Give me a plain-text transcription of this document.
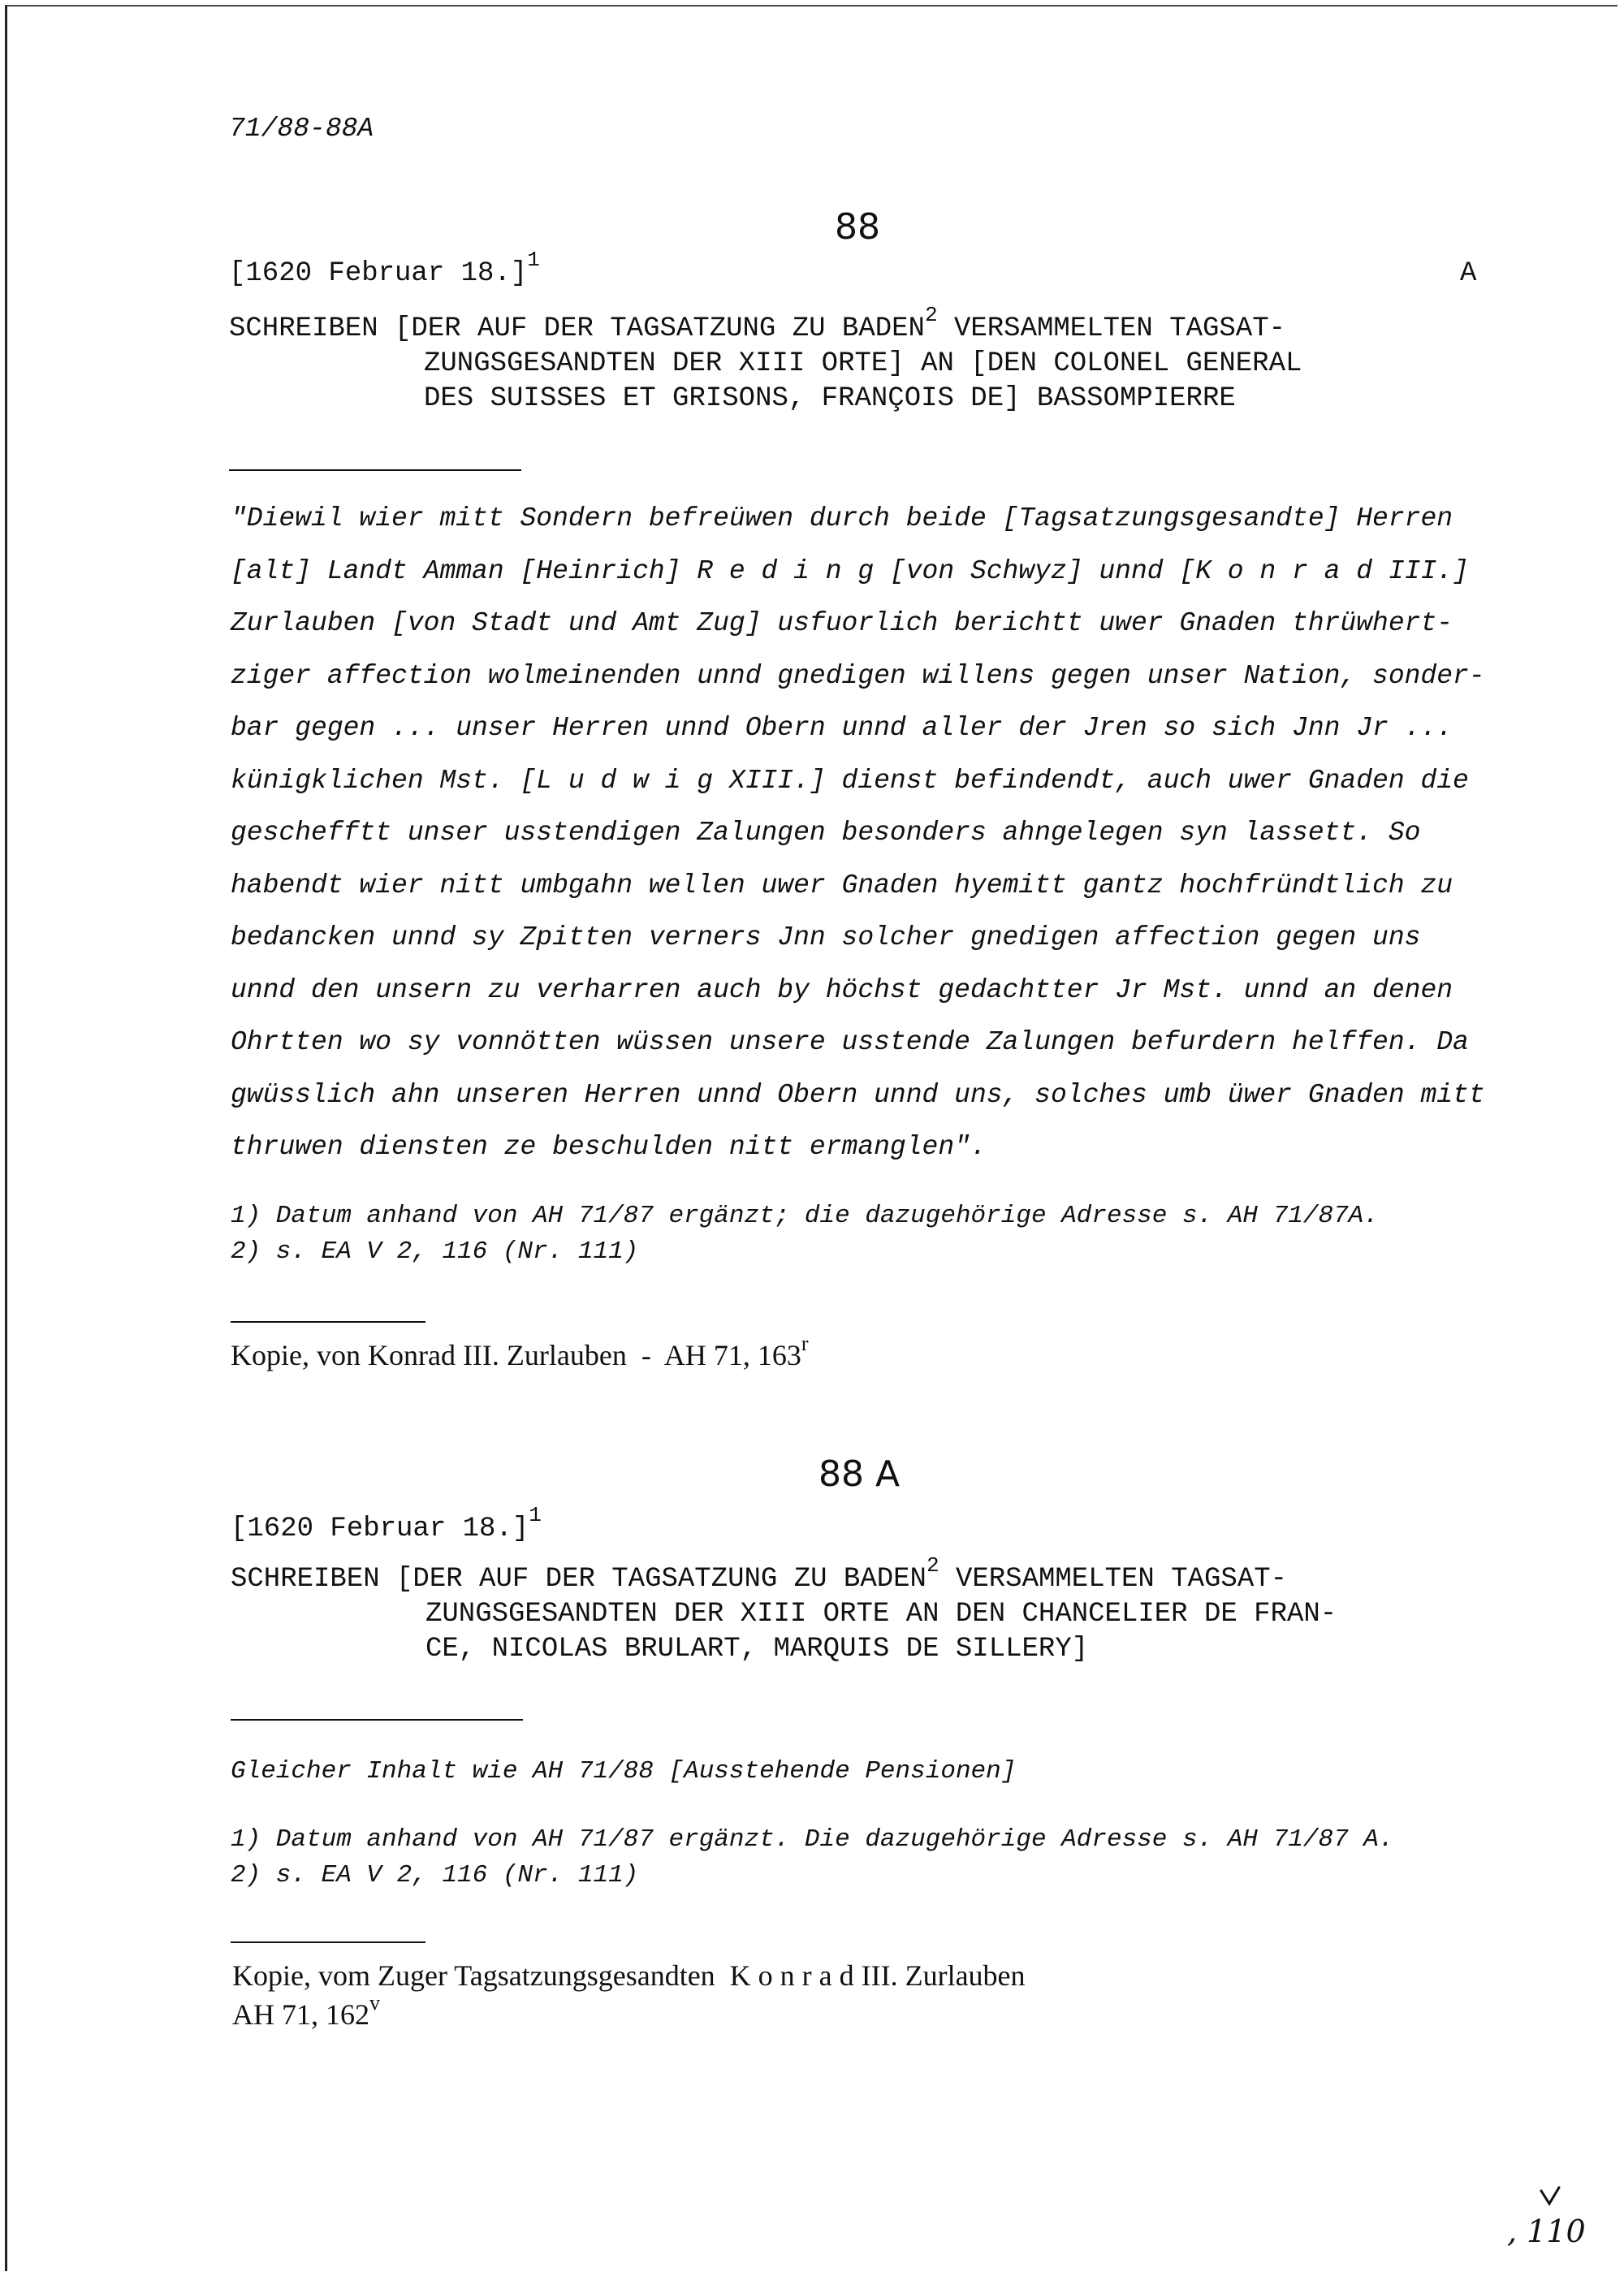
71/88-88A
88
[1620 Februar 18.]$^1$	A
SCHREIBEN [DER AUF DER TAGSATZUNG ZU BADEN$^2$ VERSAMMELTEN TAGSAT-
ZUNGSGESANDTEN DER XIII ORTE] AN [DEN COLONEL GENERAL
DES SUISSES ET GRISONS, FRANÇOIS DE] BASSOMPIERRE
"Diewil wier mitt Sondern befreüwen durch beide [Tagsatzungsgesandte] Herren
[alt] Landt Amman [Heinrich] R e d i n g [von Schwyz] unnd [K o n r a d III.]
Zurlauben [von Stadt und Amt Zug] usfuorlich berichtt uwer Gnaden thrüwhert-
ziger affection wolmeinenden unnd gnedigen willens gegen unser Nation, sonder-
bar gegen ... unser Herren unnd Obern unnd aller der Jren so sich Jnn Jr ...
künigklichen Mst. [L u d w i g XIII.] dienst befindendt, auch uwer Gnaden die
geschefftt unser usstendigen Zalungen besonders ahngelegen syn lassett. So
habendt wier nitt umbgahn wellen uwer Gnaden hyemitt gantz hochfründtlich zu
bedancken unnd sy Zpitten verners Jnn solcher gnedigen affection gegen uns
unnd den unsern zu verharren auch by höchst gedachtter Jr Mst. unnd an denen
Ohrtten wo sy vonnötten wüssen unsere usstende Zalungen befurdern helffen. Da
gwüsslich ahn unseren Herren unnd Obern unnd uns, solches umb üwer Gnaden mitt
thruwen diensten ze beschulden nitt ermanglen".
1) Datum anhand von AH 71/87 ergänzt; die dazugehörige Adresse s. AH 71/87A.
2) s. EA V 2, 116 (Nr. 111)
Kopie, von Konrad III. Zurlauben  -  AH 71, 163$^r$
88 A
[1620 Februar 18.]$^1$
SCHREIBEN [DER AUF DER TAGSATZUNG ZU BADEN$^2$ VERSAMMELTEN TAGSAT-
ZUNGSGESANDTEN DER XIII ORTE AN DEN CHANCELIER DE FRAN-
CE, NICOLAS BRULART, MARQUIS DE SILLERY]
Gleicher Inhalt wie AH 71/88 [Ausstehende Pensionen]
1) Datum anhand von AH 71/87 ergänzt. Die dazugehörige Adresse s. AH 71/87 A.
2) s. EA V 2, 116 (Nr. 111)
Kopie, vom Zuger Tagsatzungsgesandten  K o n r a d III. Zurlauben
AH 71, 162$^v$
, 110
